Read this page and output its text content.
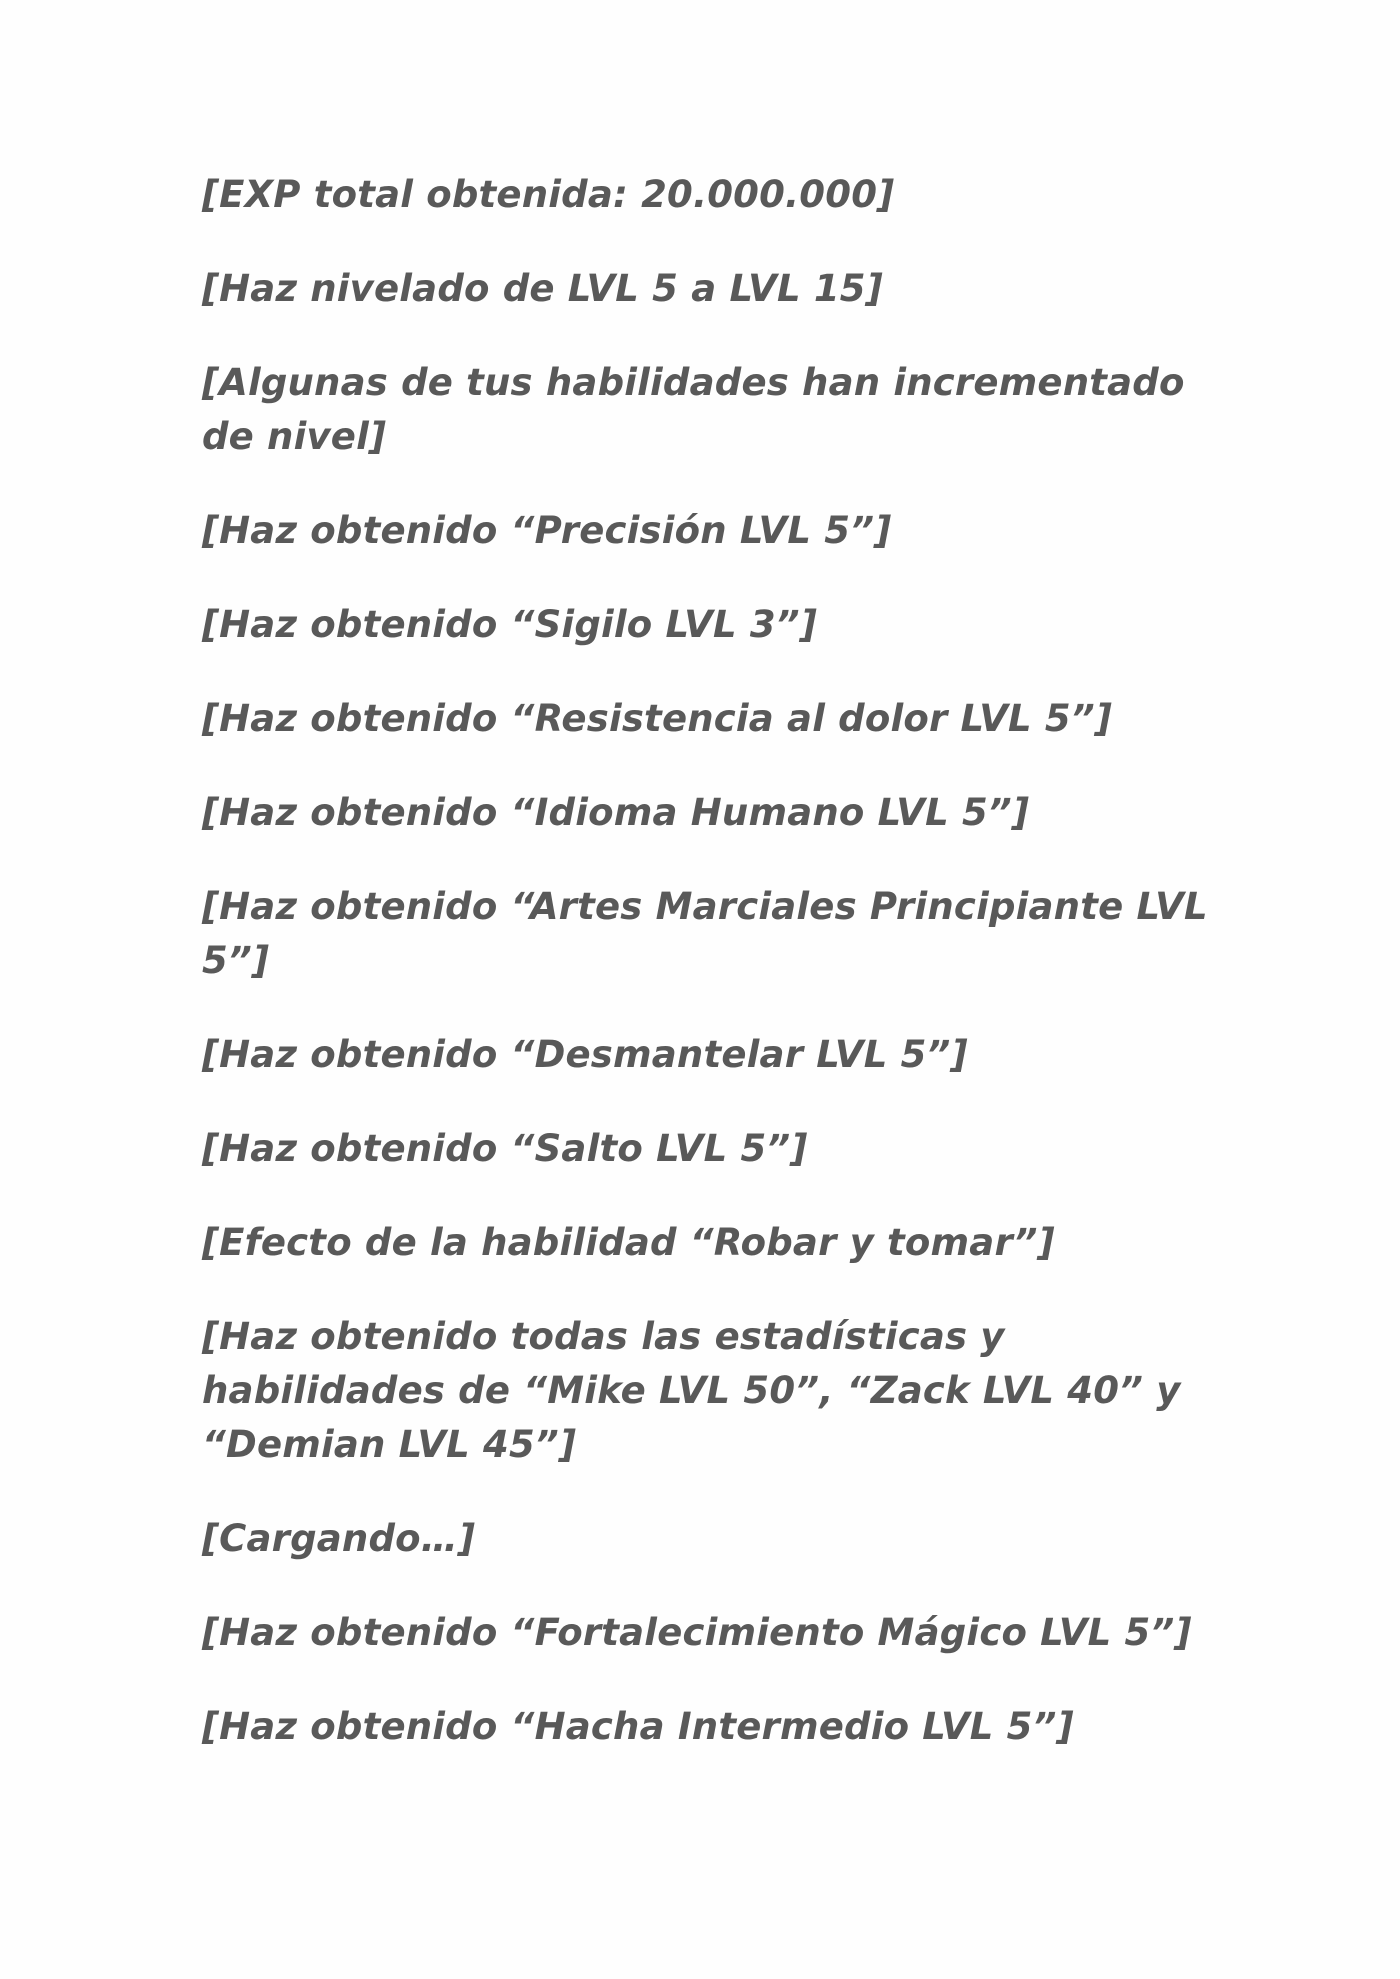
[EXP total obtenida: 20.000.000]

[Haz nivelado de LVL 5 a LVL 15]

[Algunas de tus habilidades han incrementado de nivel]

[Haz obtenido “Precisión LVL 5”]

[Haz obtenido “Sigilo LVL 3”]

[Haz obtenido “Resistencia al dolor LVL 5”]

[Haz obtenido “Idioma Humano LVL 5”]

[Haz obtenido “Artes Marciales Principiante LVL 5”]

[Haz obtenido “Desmantelar LVL 5”]

[Haz obtenido “Salto LVL 5”]

[Efecto de la habilidad “Robar y tomar”]

[Haz obtenido todas las estadísticas y habilidades de “Mike LVL 50”, “Zack LVL 40” y “Demian LVL 45”]

[Cargando…]

[Haz obtenido “Fortalecimiento Mágico LVL 5”]

[Haz obtenido “Hacha Intermedio LVL 5”]
